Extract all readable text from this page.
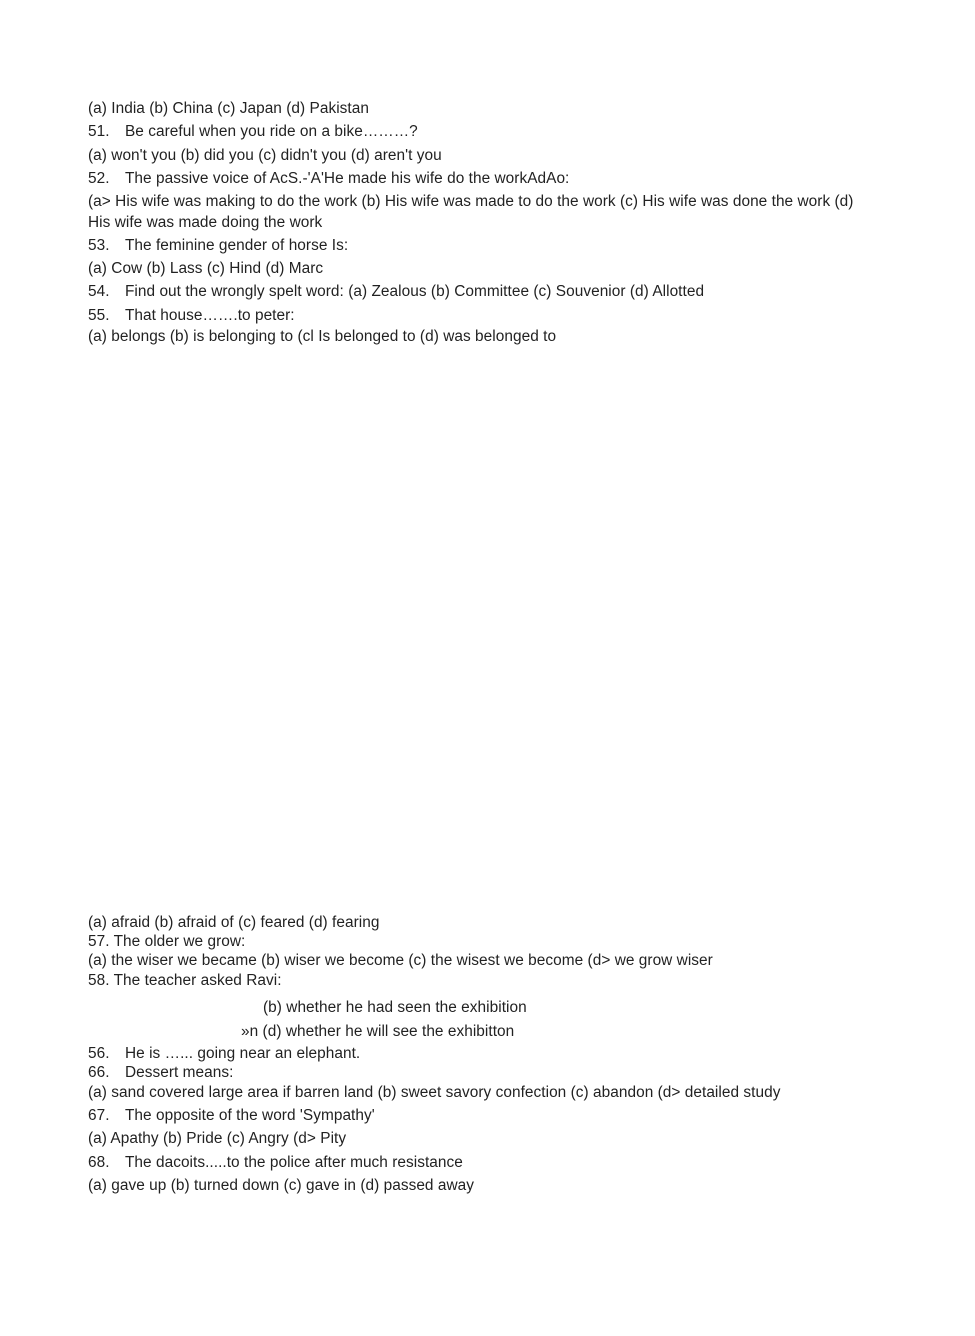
(a) India (b) China (c) Japan (d) Pakistan
51. Be careful when you ride on a bike………?
(a) won't you (b) did you (c) didn't you (d) aren't you
52. The passive voice of AcS.-'A'He made his wife do the workAdAo:
(a> His wife was making to do the work (b) His wife was made to do the work (c) His wife was done the work (d) His wife was made doing the work
53. The feminine gender of horse Is:
(a) Cow (b) Lass (c) Hind (d) Marc
54. Find out the wrongly spelt word: (a) Zealous (b) Committee (c) Souvenior (d) Allotted
55. That house…….to peter:
(a) belongs (b) is belonging to (cl Is belonged to (d) was belonged to
(a) afraid (b) afraid of (c) feared (d) fearing
57. The older we grow:
(a) the wiser we became (b) wiser we become (c) the wisest we become (d> we grow wiser
58. The teacher asked Ravi:
(b) whether he had seen the exhibition
»n (d) whether he will see the exhibitton
56. He is …... going near an elephant.
66. Dessert means:
(a) sand covered large area if barren land (b) sweet savory confection (c) abandon (d> detailed study
67. The opposite of the word 'Sympathy'
(a) Apathy (b) Pride (c) Angry (d> Pity
68. The dacoits.....to the police after much resistance
(a) gave up (b) turned down (c) gave in (d) passed away
